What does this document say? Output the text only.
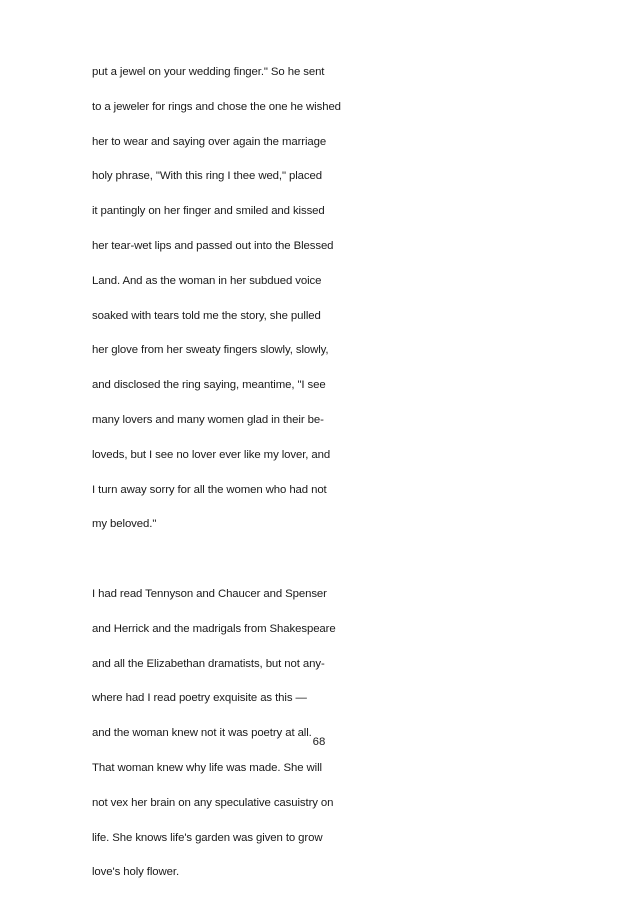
put a jewel on your wedding finger." So he sent
to a jeweler for rings and chose the one he wished
her to wear and saying over again the marriage
holy phrase, "With this ring I thee wed," placed
it pantingly on her finger and smiled and kissed
her tear-wet lips and passed out into the Blessed
Land. And as the woman in her subdued voice
soaked with tears told me the story, she pulled
her glove from her sweaty fingers slowly, slowly,
and disclosed the ring saying, meantime, "I see
many lovers and many women glad in their be-
loveds, but I see no lover ever like my lover, and
I turn away sorry for all the women who had not
my beloved."
I had read Tennyson and Chaucer and Spenser
and Herrick and the madrigals from Shakespeare
and all the Elizabethan dramatists, but not any-
where had I read poetry exquisite as this —
and the woman knew not it was poetry at all.
That woman knew why life was made. She will
not vex her brain on any speculative casuistry on
life. She knows life's garden was given to grow
love's holy flower.
68
